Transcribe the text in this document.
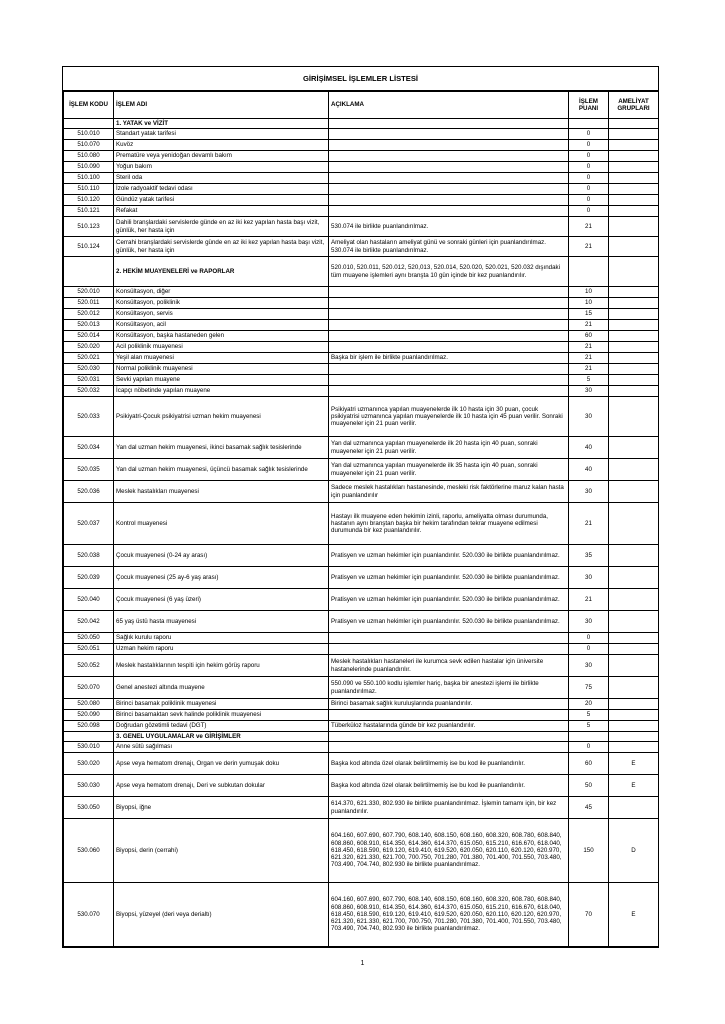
GİRİŞİMSEL İŞLEMLER LİSTESİ
İŞLEM KODU	İŞLEM ADI	AÇIKLAMA	İŞLEM PUANI	AMELİYAT GRUPLARI
	1. YATAK ve VİZİT			
510.010	Standart yatak tarifesi		0	
510.070	Kuvöz		0	
510.080	Prematüre veya yenidoğan devamlı bakım		0	
510.090	Yoğun bakım		0	
510.100	Steril oda		0	
510.110	İzole radyoaktif tedavi odası		0	
510.120	Gündüz yatak tarifesi		0	
510.121	Refakat		0	
510.123	Dahili branşlardaki servislerde günde en az iki kez yapılan hasta başı vizit, günlük, her hasta için	530.074 ile birlikte puanlandırılmaz.	21	
510.124	Cerrahi branşlardaki servislerde günde en az iki kez yapılan hasta başı vizit, günlük, her hasta için	Ameliyat olan hastaların ameliyat günü ve sonraki günleri için puanlandırılmaz. 530.074 ile birlikte puanlandırılmaz.	21	
	2. HEKİM MUAYENELERİ ve RAPORLAR	520.010, 520.011, 520.012, 520,013, 520.014, 520.020, 520.021, 520.032 dışındaki tüm muayene işlemleri aynı branşta 10 gün içinde bir kez puanlandırılır.		
520.010	Konsültasyon, diğer		10	
520.011	Konsültasyon, poliklinik		10	
520.012	Konsültasyon, servis		15	
520.013	Konsültasyon, acil		21	
520.014	Konsültasyon, başka hastaneden gelen		60	
520.020	Acil poliklinik muayenesi		21	
520.021	Yeşil alan muayenesi	Başka bir işlem ile birlikte puanlandırılmaz.	21	
520.030	Normal poliklinik muayenesi		21	
520.031	Sevki yapılan muayene		5	
520.032	İcapçı nöbetinde yapılan muayene		30	
520.033	Psikiyatri-Çocuk psikiyatrisi uzman hekim muayenesi	Psikiyatri uzmanınca yapılan muayenelerde ilk 10 hasta için 30 puan, çocuk psikiyatrisi uzmanınca yapılan muayenelerde ilk 10 hasta için 45 puan verilir. Sonraki muayeneler için 21 puan verilir.	30	
520.034	Yan dal uzman hekim muayenesi, ikinci basamak sağlık tesislerinde	Yan dal uzmanınca yapılan muayenelerde ilk 20 hasta için 40 puan, sonraki muayeneler için 21 puan verilir.	40	
520.035	Yan dal uzman hekim muayenesi, üçüncü basamak sağlık tesislerinde	Yan dal uzmanınca yapılan muayenelerde ilk 35 hasta için 40 puan, sonraki muayeneler için 21 puan verilir.	40	
520.036	Meslek hastalıkları muayenesi	Sadece meslek hastalıkları hastanesinde, mesleki risk faktörlerine maruz kalan hasta için puanlandırılır	30	
520.037	Kontrol muayenesi	Hastayı ilk muayene eden hekimin izinli, raporlu, ameliyatta olması durumunda, hastanın aynı branştan başka bir hekim tarafından tekrar muayene edilmesi durumunda bir kez puanlandırılır.	21	
520.038	Çocuk muayenesi (0-24 ay arası)	Pratisyen ve uzman hekimler için puanlandırılır. 520.030 ile birlikte puanlandırılmaz.	35	
520.039	Çocuk muayenesi (25 ay-6 yaş arası)	Pratisyen ve uzman hekimler için puanlandırılır. 520.030 ile birlikte puanlandırılmaz.	30	
520.040	Çocuk muayenesi (6 yaş üzeri)	Pratisyen ve uzman hekimler için puanlandırılır. 520.030 ile birlikte puanlandırılmaz.	21	
520.042	65 yaş üstü hasta muayenesi	Pratisyen ve uzman hekimler için puanlandırılır. 520.030 ile birlikte puanlandırılmaz.	30	
520.050	Sağlık kurulu raporu		0	
520.051	Uzman hekim raporu		0	
520.052	Meslek hastalıklarının tespiti için hekim görüş raporu	Meslek hastalıkları hastaneleri ile kurumca sevk edilen hastalar için üniversite hastanelerinde puanlandırılır.	30	
520.070	Genel anestezi altında muayene	550.090 ve 550.100 kodlu işlemler hariç, başka bir anestezi işlemi ile birlikte puanlandırılmaz.	75	
520.080	Birinci basamak poliklinik muayenesi	Birinci basamak sağlık kuruluşlarında puanlandırılır.	20	
520.090	Birinci basamaktan sevk halinde poliklinik muayenesi		5	
520.098	Doğrudan gözetimli tedavi (DGT)	Tüberküloz hastalarında günde bir kez puanlandırılır.	5	
	3. GENEL UYGULAMALAR ve GİRİŞİMLER			
530.010	Anne sütü sağılması		0	
530.020	Apse veya hematom drenajı, Organ ve derin yumuşak doku	Başka kod altında özel olarak belirtilmemiş ise bu kod ile puanlandırılır.	60	E
530.030	Apse veya hematom drenajı, Deri ve subkutan dokular	Başka kod altında özel olarak belirtilmemiş ise bu kod ile puanlandırılır.	50	E
530.050	Biyopsi, iğne	614.370, 621.330, 802.930 ile birlikte puanlandırılmaz. İşlemin tamamı için, bir kez puanlandırılır.	45	
530.060	Biyopsi, derin (cerrahi)	604.160, 607.690, 607.790, 608.140, 608.150, 608.160, 608.320, 608.780, 608.840, 608.860, 608.910, 614.350, 614.360, 614.370, 615.050, 615.210, 616.670, 618.040, 618.450, 618.590, 619.120, 619.410, 619.520, 620.050, 620.110, 620.120, 620.970, 621.320, 621.330, 621.700, 700.750, 701.280, 701.380, 701.400, 701.550, 703.480, 703.490, 704.740, 802.930 ile birlikte puanlandırılmaz.	150	D
530.070	Biyopsi, yüzeyel (deri veya derialtı)	604.160, 607.690, 607.790, 608.140, 608.150, 608.160, 608.320, 608.780, 608.840, 608.860, 608.910, 614.350, 614.360, 614.370, 615.050, 615.210, 616.670, 618.040, 618.450, 618.590, 619.120, 619.410, 619.520, 620.050, 620.110, 620.120, 620.970, 621.320, 621.330, 621.700, 700.750, 701.280, 701.380, 701.400, 701.550, 703.480, 703.490, 704.740, 802.930 ile birlikte puanlandırılmaz.	70	E
1
